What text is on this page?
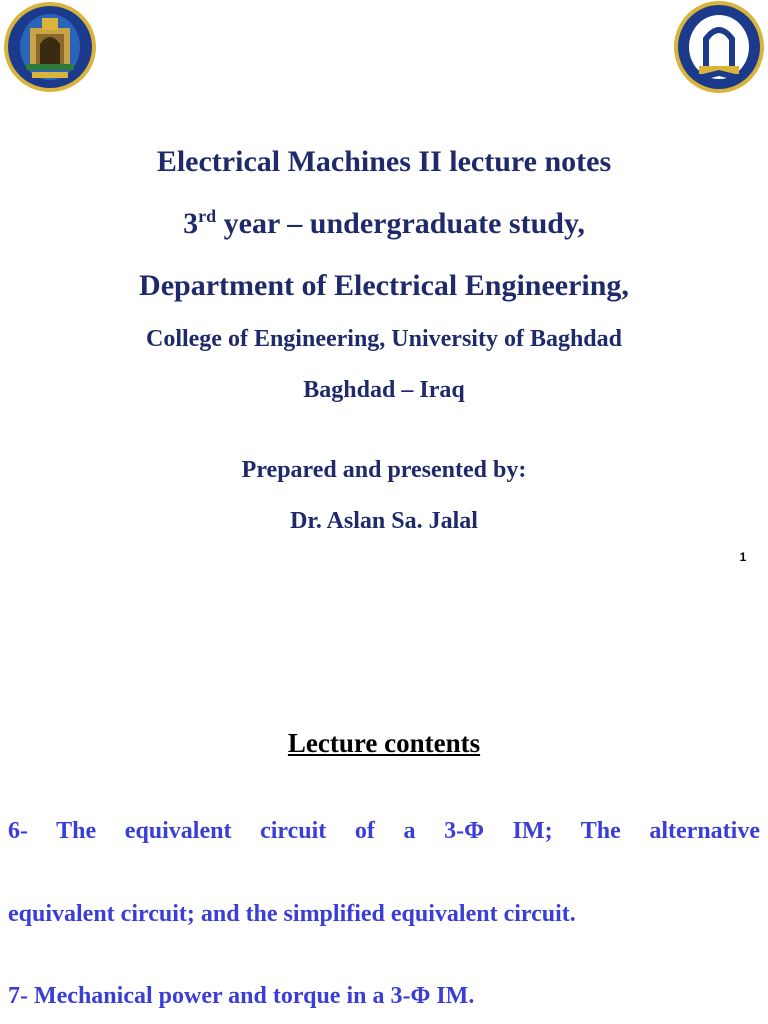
Electrical Machines II lecture notes
3rd year – undergraduate study,
Department of Electrical Engineering,
College of Engineering, University of Baghdad
Baghdad – Iraq
Prepared and presented by:
Dr. Aslan Sa. Jalal
1
Lecture contents
6- The equivalent circuit of a 3-Φ IM; The alternative
equivalent circuit; and the simplified equivalent circuit.
7- Mechanical power and torque in a 3-Φ IM.
